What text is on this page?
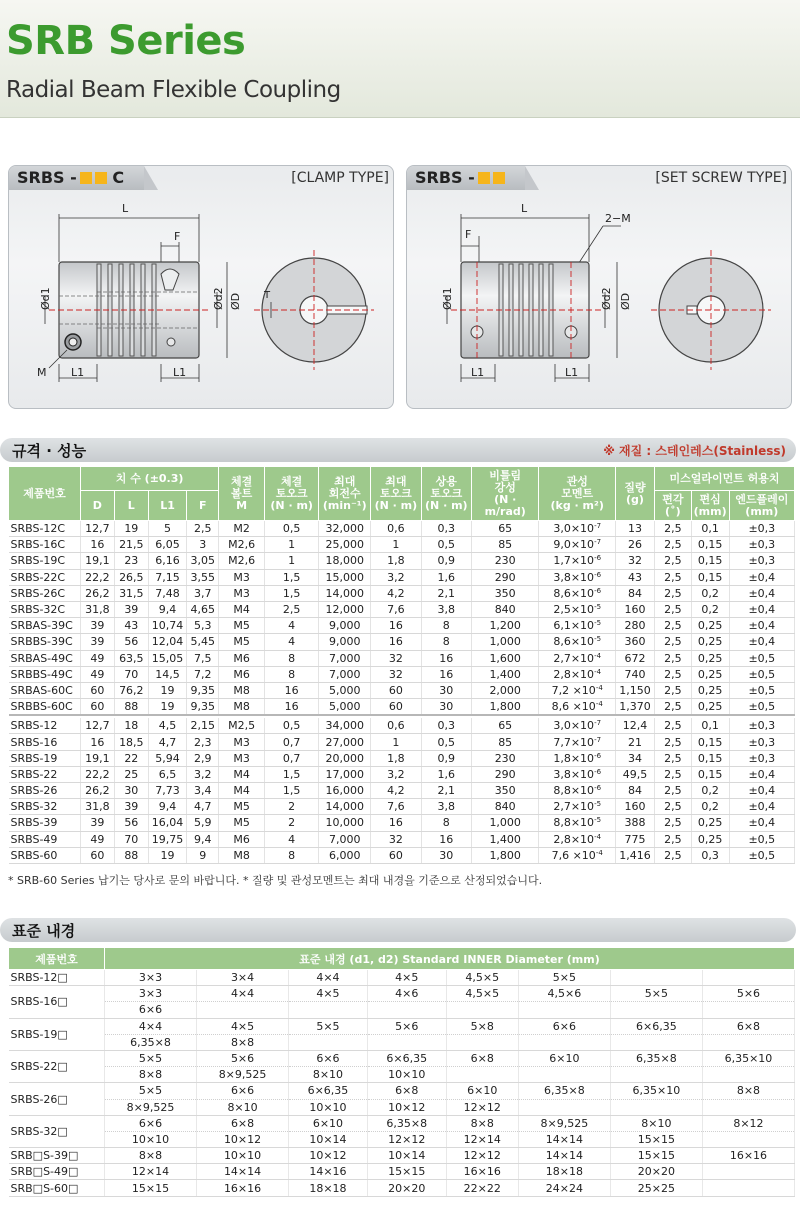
SRB Series
Radial Beam Flexible Coupling
SRBS - C	[CLAMP TYPE]
L
F
Ød1	Ød2 ØD
M L1	L1
T
SRBS -	[SET SCREW TYPE]
L
F
2−M
Ød1	Ød2 ØD
L1	L1
규격 · 성능	※ 재질 : 스테인레스(Stainless)
제품번호	치 수 (±0.3)				체결
볼트
M	체결
토오크
(N · m)	최대
회전수
(min⁻¹)	최대
토오크
(N · m)	상용
토오크
(N · m)	비틀림
강성
(N · m/rad)	관성
모멘트
(kg · m²)	질량
(g)	미스얼라이먼트 허용치		
	D	L	L1	F									편각
(˚)	편심
(mm)	엔드플레이
(mm)
SRBS-12C	12,7	19	5	2,5	M2	0,5	32,000	0,6	0,3	65	$3,0\times 10^{-7}$	13	2,5	0,1	±0,3
SRBS-16C	16	21,5	6,05	3	M2,6	1	25,000	1	0,5	85	$9,0\times 10^{-7}$	26	2,5	0,15	±0,3
SRBS-19C	19,1	23	6,16	3,05	M2,6	1	18,000	1,8	0,9	230	$1,7\times 10^{-6}$	32	2,5	0,15	±0,3
SRBS-22C	22,2	26,5	7,15	3,55	M3	1,5	15,000	3,2	1,6	290	$3,8\times 10^{-6}$	43	2,5	0,15	±0,4
SRBS-26C	26,2	31,5	7,48	3,7	M3	1,5	14,000	4,2	2,1	350	$8,6\times 10^{-6}$	84	2,5	0,2	±0,4
SRBS-32C	31,8	39	9,4	4,65	M4	2,5	12,000	7,6	3,8	840	$2,5\times 10^{-5}$	160	2,5	0,2	±0,4
SRBAS-39C	39	43	10,74	5,3	M5	4	9,000	16	8	1,200	$6,1\times 10^{-5}$	280	2,5	0,25	±0,4
SRBBS-39C	39	56	12,04	5,45	M5	4	9,000	16	8	1,000	$8,6\times 10^{-5}$	360	2,5	0,25	±0,4
SRBAS-49C	49	63,5	15,05	7,5	M6	8	7,000	32	16	1,600	$2,7\times 10^{-4}$	672	2,5	0,25	±0,5
SRBBS-49C	49	70	14,5	7,2	M6	8	7,000	32	16	1,400	$2,8\times 10^{-4}$	740	2,5	0,25	±0,5
SRBAS-60C	60	76,2	19	9,35	M8	16	5,000	60	30	2,000	$7,2 \times 10^{-4}$	1,150	2,5	0,25	±0,5
SRBBS-60C	60	88	19	9,35	M8	16	5,000	60	30	1,800	$8,6 \times 10^{-4}$	1,370	2,5	0,25	±0,5

SRBS-12	12,7	18	4,5	2,15	M2,5	0,5	34,000	0,6	0,3	65	$3,0\times 10^{-7}$	12,4	2,5	0,1	±0,3
SRBS-16	16	18,5	4,7	2,3	M3	0,7	27,000	1	0,5	85	$7,7\times 10^{-7}$	21	2,5	0,15	±0,3
SRBS-19	19,1	22	5,94	2,9	M3	0,7	20,000	1,8	0,9	230	$1,8\times 10^{-6}$	34	2,5	0,15	±0,3
SRBS-22	22,2	25	6,5	3,2	M4	1,5	17,000	3,2	1,6	290	$3,8\times 10^{-6}$	49,5	2,5	0,15	±0,4
SRBS-26	26,2	30	7,73	3,4	M4	1,5	16,000	4,2	2,1	350	$8,8\times 10^{-6}$	84	2,5	0,2	±0,4
SRBS-32	31,8	39	9,4	4,7	M5	2	14,000	7,6	3,8	840	$2,7\times 10^{-5}$	160	2,5	0,2	±0,4
SRBS-39	39	56	16,04	5,9	M5	2	10,000	16	8	1,000	$8,8\times 10^{-5}$	388	2,5	0,25	±0,4
SRBS-49	49	70	19,75	9,4	M6	4	7,000	32	16	1,400	$2,8\times 10^{-4}$	775	2,5	0,25	±0,5
SRBS-60	60	88	19	9	M8	8	6,000	60	30	1,800	$7,6 \times 10^{-4}$	1,416	2,5	0,3	±0,5
* SRB-60 Series 납기는 당사로 문의 바랍니다. * 질량 및 관성모멘트는 최대 내경을 기준으로 산정되었습니다.
표준 내경
제품번호	표준 내경 (d1, d2) Standard INNER Diameter (mm)							
SRBS-12□	3×3	3×4	4×4	4×5	4,5×5	5×5		
SRBS-16□	3×3	4×4	4×5	4×6	4,5×5	4,5×6	5×5	5×6
	6×6							
SRBS-19□	4×4	4×5	5×5	5×6	5×8	6×6	6×6,35	6×8
	6,35×8	8×8						
SRBS-22□	5×5	5×6	6×6	6×6,35	6×8	6×10	6,35×8	6,35×10
	8×8	8×9,525	8×10	10×10				
SRBS-26□	5×5	6×6	6×6,35	6×8	6×10	6,35×8	6,35×10	8×8
	8×9,525	8×10	10×10	10×12	12×12			
SRBS-32□	6×6	6×8	6×10	6,35×8	8×8	8×9,525	8×10	8×12
	10×10	10×12	10×14	12×12	12×14	14×14	15×15	
SRB□S-39□	8×8	10×10	10×12	10×14	12×12	14×14	15×15	16×16
SRB□S-49□	12×14	14×14	14×16	15×15	16×16	18×18	20×20	
SRB□S-60□	15×15	16×16	18×18	20×20	22×22	24×24	25×25	
